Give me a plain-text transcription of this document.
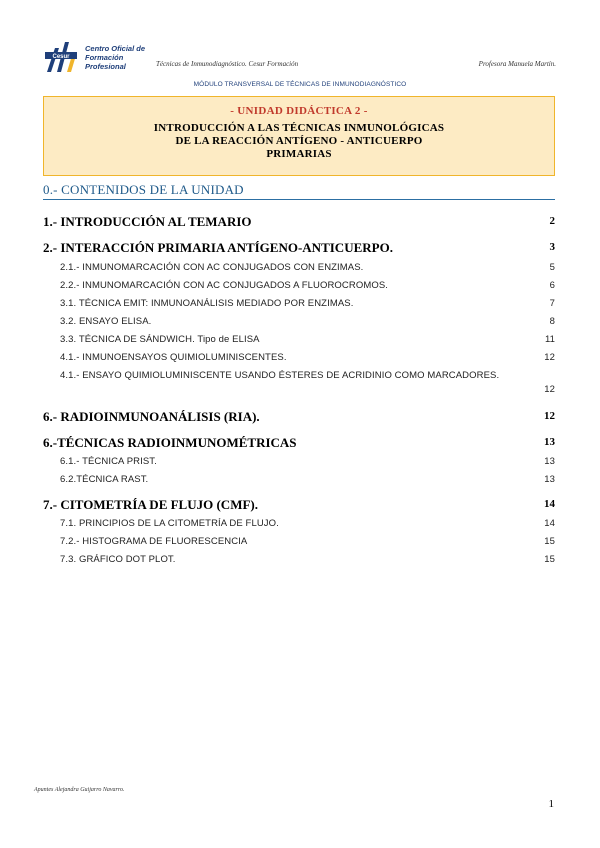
Cesur
Centro Oficial de
Formación Profesional	Técnicas de Inmunodiagnóstico. Cesur Formación	Profesora Manuela Martín.
MÓDULO TRANSVERSAL DE TÉCNICAS DE INMUNODIAGNÓSTICO
- UNIDAD DIDÁCTICA 2 -
INTRODUCCIÓN A LAS TÉCNICAS INMUNOLÓGICAS
DE LA REACCIÓN ANTÍGENO - ANTICUERPO
PRIMARIAS
0.- CONTENIDOS DE LA UNIDAD
1.- INTRODUCCIÓN AL TEMARIO	2
2.- INTERACCIÓN PRIMARIA ANTÍGENO-ANTICUERPO.	3
2.1.- INMUNOMARCACIÓN CON AC CONJUGADOS CON ENZIMAS.	5
2.2.- INMUNOMARCACIÓN CON AC CONJUGADOS A FLUOROCROMOS.	6
3.1. TÉCNICA EMIT: INMUNOANÁLISIS MEDIADO POR ENZIMAS.	7
3.2. ENSAYO ELISA.	8
3.3. TÉCNICA DE SÁNDWICH. Tipo de ELISA	11
4.1.- INMUNOENSAYOS QUIMIOLUMINISCENTES.	12
4.1.- ENSAYO QUIMIOLUMINISCENTE USANDO ÉSTERES DE ACRIDINIO COMO MARCADORES.
12
6.- RADIOINMUNOANÁLISIS (RIA).	12
6.-TÉCNICAS RADIOINMUNOMÉTRICAS	13
6.1.- TÉCNICA PRIST.	13
6.2.TÉCNICA RAST.	13
7.- CITOMETRÍA DE FLUJO (CMF).	14
7.1. PRINCIPIOS DE LA CITOMETRÍA DE FLUJO.	14
7.2.- HISTOGRAMA DE FLUORESCENCIA	15
7.3. GRÁFICO DOT PLOT.	15
Apuntes Alejandra Guijarro Navarro.
1
